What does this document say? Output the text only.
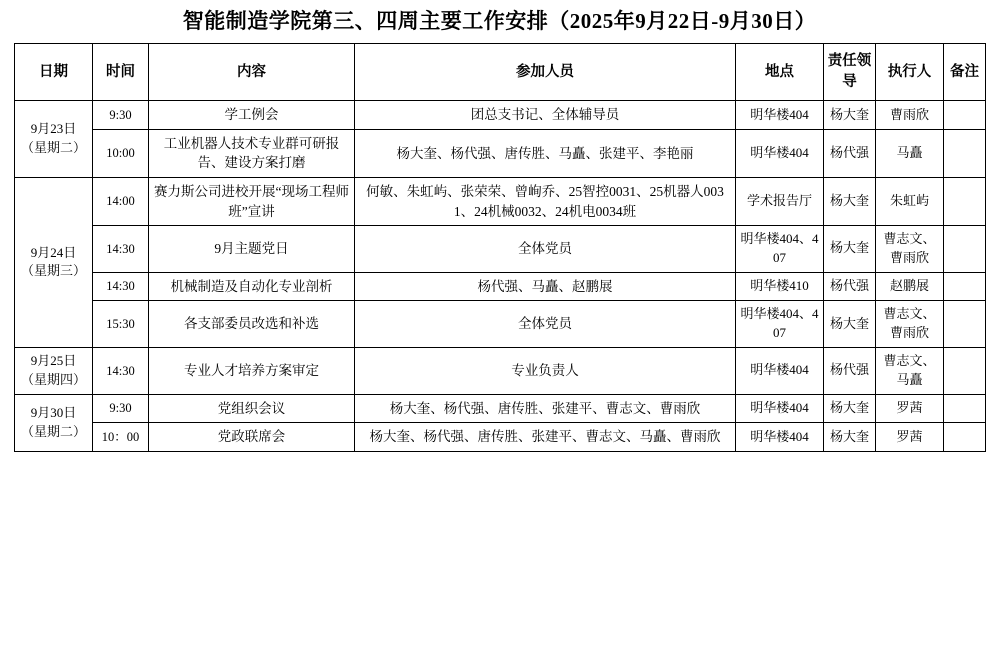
智能制造学院第三、四周主要工作安排（2025年9月22日-9月30日）
日期	时间	内容	参加人员	地点	责任领导	执行人	备注
9月23日（星期二）	9:30	学工例会	团总支书记、全体辅导员	明华楼404	杨大奎	曹雨欣	
	10:00	工业机器人技术专业群可研报告、建设方案打磨	杨大奎、杨代强、唐传胜、马矗、张建平、李艳丽	明华楼404	杨代强	马矗	
9月24日（星期三）	14:00	赛力斯公司进校开展“现场工程师班”宣讲	何敏、朱虹屿、张荣荣、曾峋乔、25智控0031、25机器人0031、24机械0032、24机电0034班	学术报告厅	杨大奎	朱虹屿	
	14:30	9月主题党日	全体党员	明华楼404、407	杨大奎	曹志文、曹雨欣	
	14:30	机械制造及自动化专业剖析	杨代强、马矗、赵鹏展	明华楼410	杨代强	赵鹏展	
	15:30	各支部委员改选和补选	全体党员	明华楼404、407	杨大奎	曹志文、曹雨欣	
9月25日（星期四）	14:30	专业人才培养方案审定	专业负责人	明华楼404	杨代强	曹志文、马矗	
9月30日（星期二）	9:30	党组织会议	杨大奎、杨代强、唐传胜、张建平、曹志文、曹雨欣	明华楼404	杨大奎	罗茜	
	10：00	党政联席会	杨大奎、杨代强、唐传胜、张建平、曹志文、马矗、曹雨欣	明华楼404	杨大奎	罗茜	
